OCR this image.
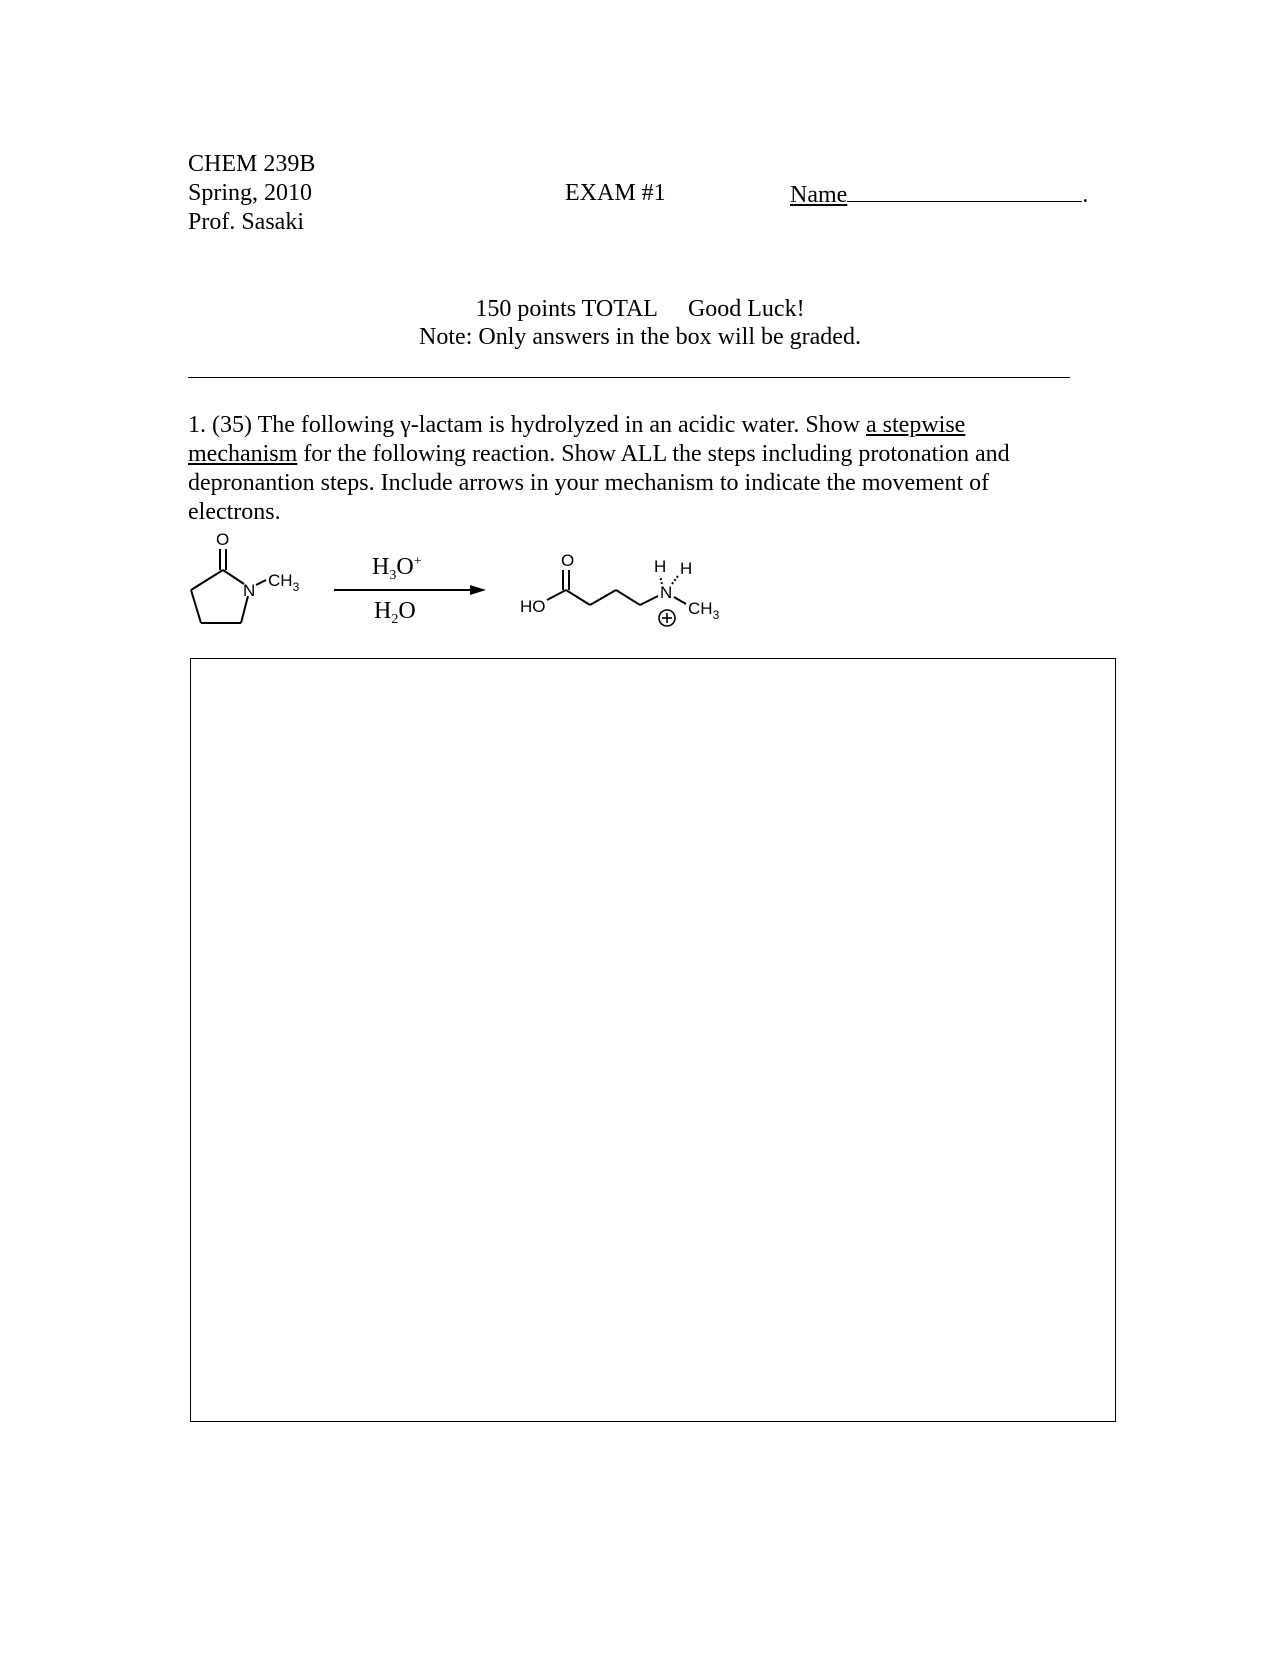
CHEM 239B
Spring, 2010
Prof. Sasaki
EXAM #1	Name	.
150 points TOTAL Good Luck!
Note: Only answers in the box will be graded.
1. (35) The following γ-lactam is hydrolyzed in an acidic water. Show a stepwise
mechanism for the following reaction. Show ALL the steps including protonation and depronantion steps. Include arrows in your mechanism to indicate the movement of electrons.
O
N
$CH_3$
$H_3O^+$
$H_2O$
O
HO
N
H H
$CH_3$
